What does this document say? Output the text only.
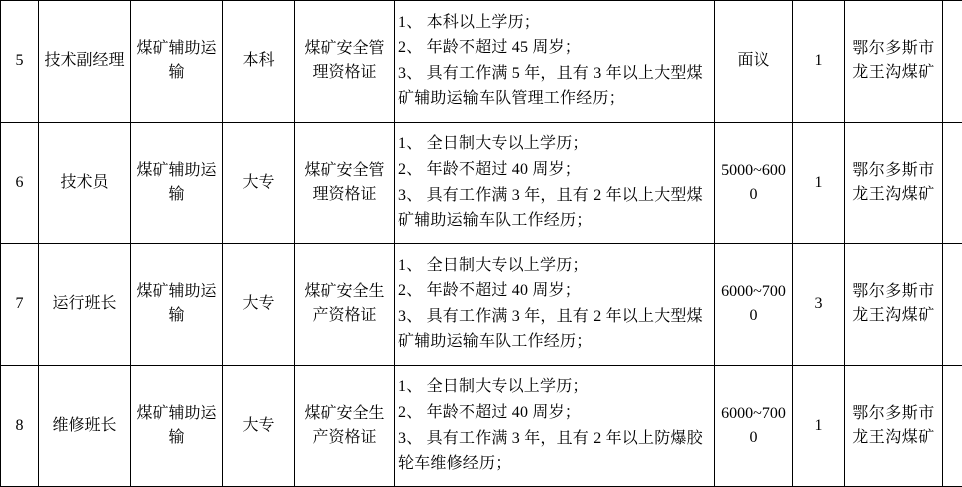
5	技术副经理	煤矿辅助运输	本科	煤矿安全管理资格证	1、 本科以上学历；
2、 年龄不超过 45 周岁；
3、 具有工作满 5 年，且有 3 年以上大型煤矿辅助运输车队管理工作经历；	面议	1	鄂尔多斯市龙王沟煤矿	
6	技术员	煤矿辅助运输	大专	煤矿安全管理资格证	1、 全日制大专以上学历；
2、 年龄不超过 40 周岁；
3、 具有工作满 3 年，且有 2 年以上大型煤矿辅助运输车队工作经历；	5000~6000	1	鄂尔多斯市龙王沟煤矿	
7	运行班长	煤矿辅助运输	大专	煤矿安全生产资格证	1、 全日制大专以上学历；
2、 年龄不超过 40 周岁；
3、 具有工作满 3 年，且有 2 年以上大型煤矿辅助运输车队工作经历；	6000~7000	3	鄂尔多斯市龙王沟煤矿	
8	维修班长	煤矿辅助运输	大专	煤矿安全生产资格证	1、 全日制大专以上学历；
2、 年龄不超过 40 周岁；
3、 具有工作满 3 年，且有 2 年以上防爆胶轮车维修经历；	6000~7000	1	鄂尔多斯市龙王沟煤矿	
